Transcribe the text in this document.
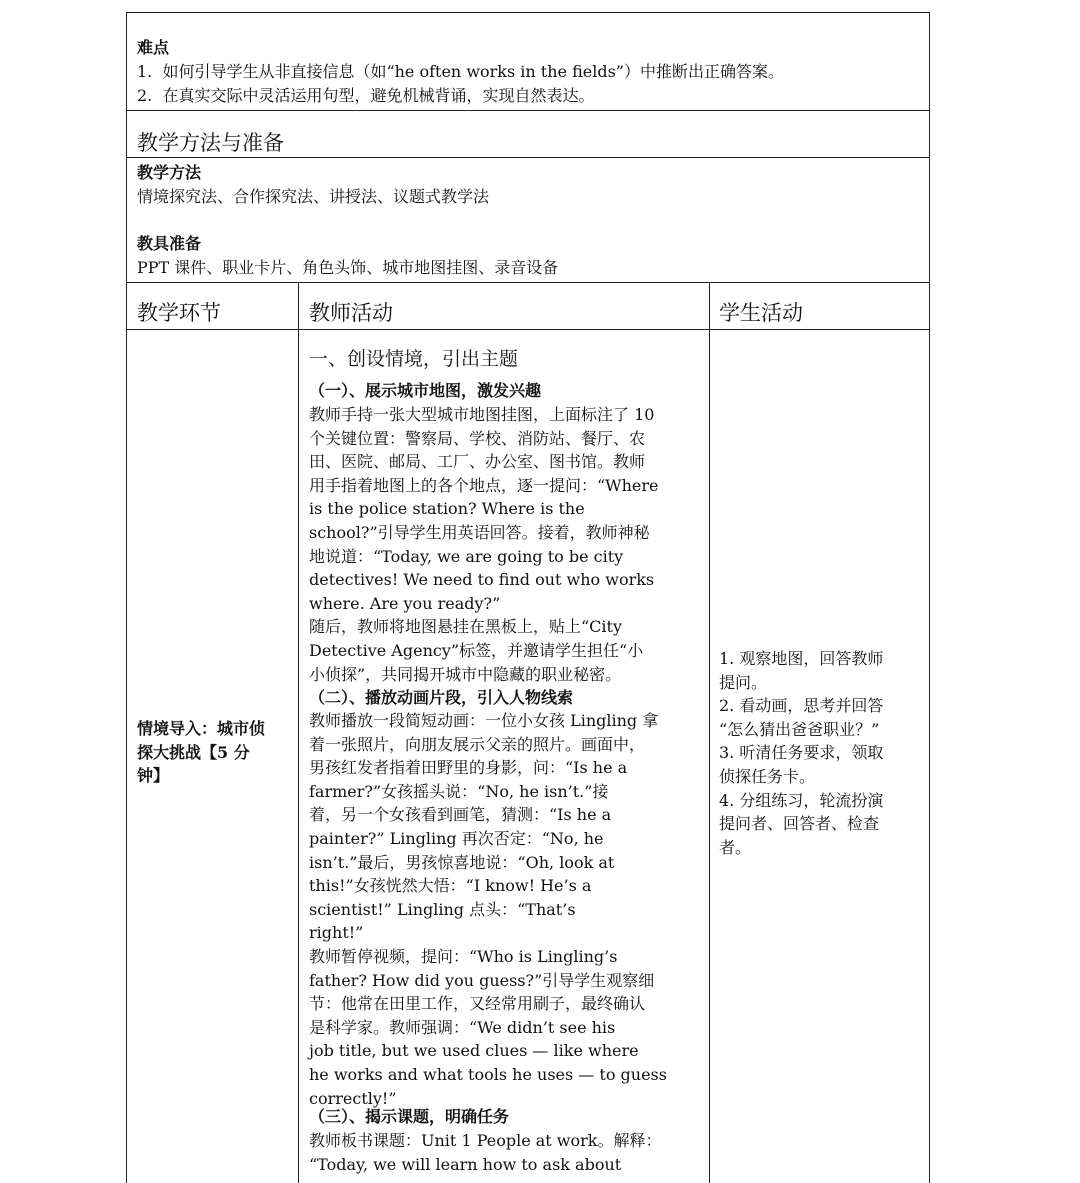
难点
1.  如何引导学生从非直接信息（如“he often works in the fields”）中推断出正确答案。
2.  在真实交际中灵活运用句型，避免机械背诵，实现自然表达。
教学方法与准备
教学方法
情境探究法、合作探究法、讲授法、议题式教学法
教具准备
PPT 课件、职业卡片、角色头饰、城市地图挂图、录音设备
教学环节	教师活动	学生活动
情境导入：城市侦
探大挑战【5 分
钟】
一、创设情境，引出主题
（一）、展示城市地图，激发兴趣
教师手持一张大型城市地图挂图，上面标注了 10
个关键位置：警察局、学校、消防站、餐厅、农
田、医院、邮局、工厂、办公室、图书馆。教师
用手指着地图上的各个地点，逐一提问：“Where
is the police station? Where is the
school?”引导学生用英语回答。接着，教师神秘
地说道：“Today, we are going to be city
detectives! We need to find out who works
where. Are you ready?”
随后，教师将地图悬挂在黑板上，贴上“City
Detective Agency”标签，并邀请学生担任“小
小侦探”，共同揭开城市中隐藏的职业秘密。
（二）、播放动画片段，引入人物线索
教师播放一段简短动画：一位小女孩 Lingling 拿
着一张照片，向朋友展示父亲的照片。画面中，
男孩红发者指着田野里的身影，问：“Is he a
farmer?”女孩摇头说：“No, he isn’t.”接
着，另一个女孩看到画笔，猜测：“Is he a
painter?” Lingling 再次否定：“No, he
isn’t.”最后，男孩惊喜地说：“Oh, look at
this!”女孩恍然大悟：“I know! He’s a
scientist!” Lingling 点头：“That’s
right!”
教师暂停视频，提问：“Who is Lingling’s
father? How did you guess?”引导学生观察细
节：他常在田里工作，又经常用刷子，最终确认
是科学家。教师强调：“We didn’t see his
job title, but we used clues — like where
he works and what tools he uses — to guess
correctly!”
（三）、揭示课题，明确任务
教师板书课题：Unit 1 People at work。解释：
“Today, we will learn how to ask about
1. 观察地图，回答教师
提问。
2. 看动画，思考并回答
“怎么猜出爸爸职业？”
3. 听清任务要求，领取
侦探任务卡。
4. 分组练习，轮流扮演
提问者、回答者、检查
者。
